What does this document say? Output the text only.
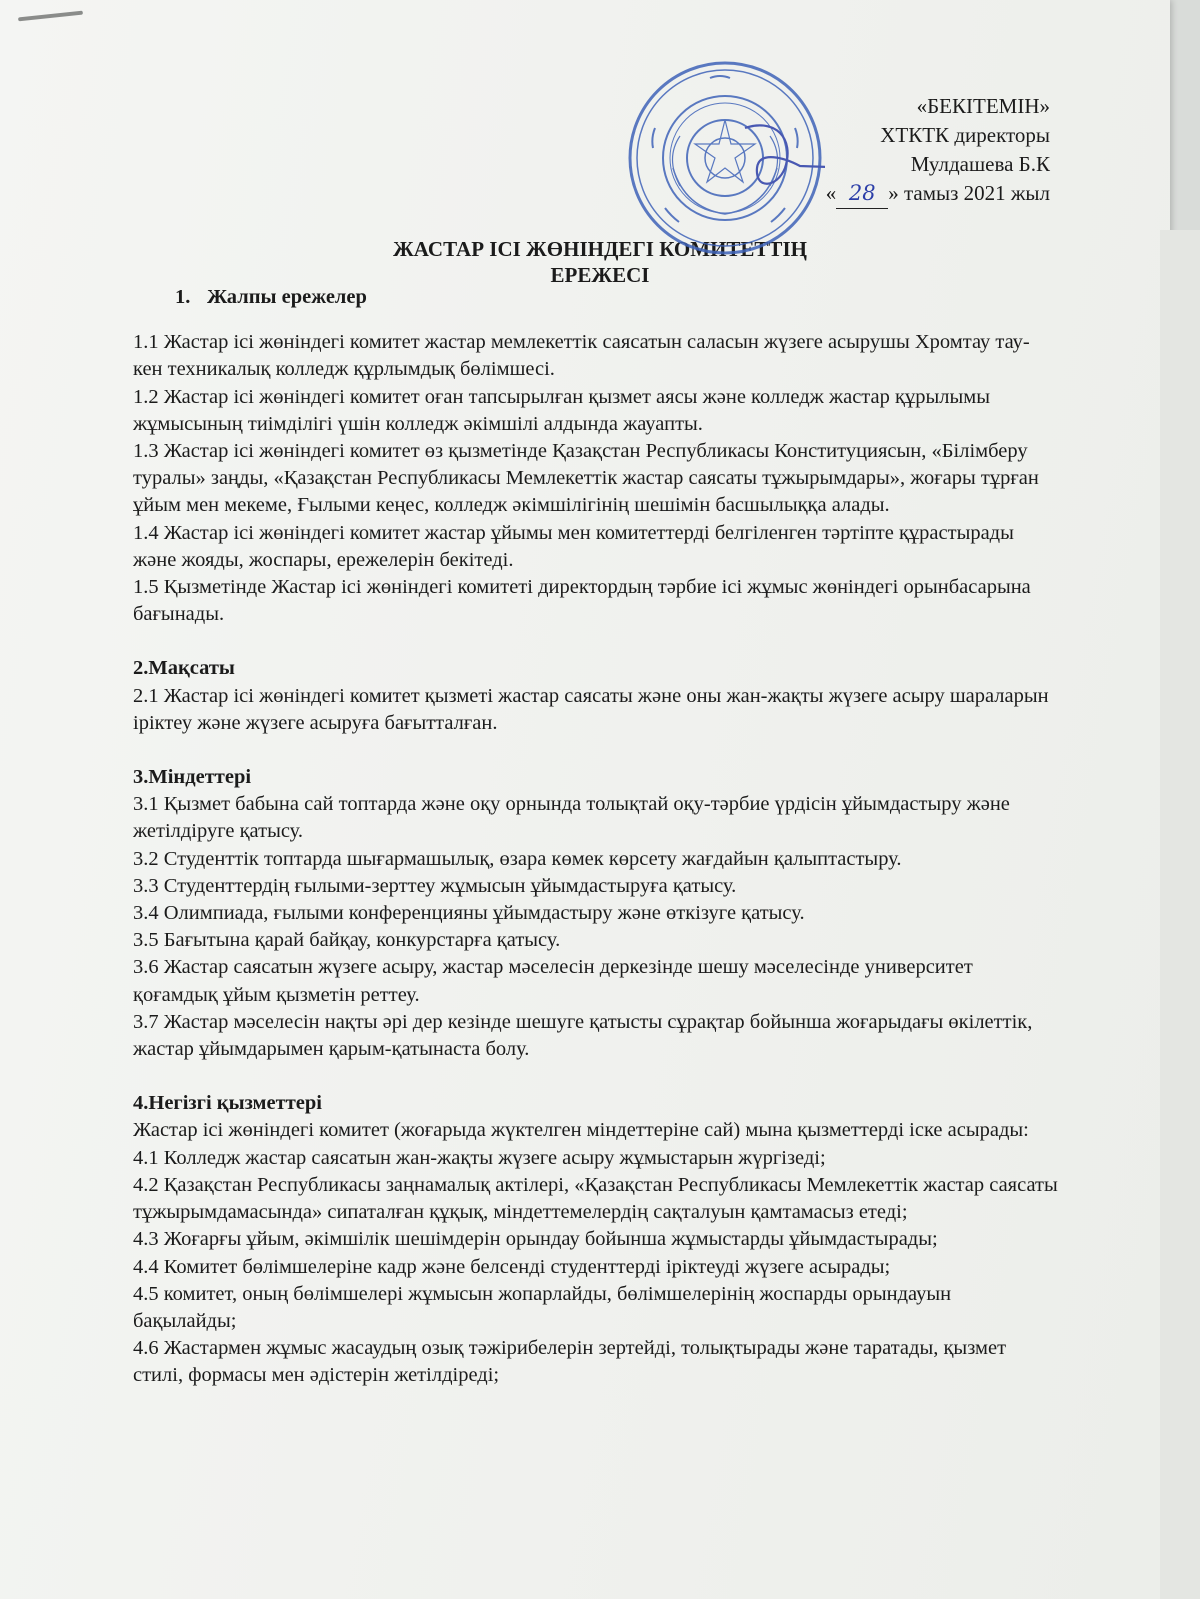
«БЕКІТЕМІН»
ХТКТК директоры
Мулдашева Б.К
« 28 » тамыз 2021 жыл
ЖАСТАР ІСІ ЖӨНІНДЕГІ КОМИТЕТТІҢ
ЕРЕЖЕСІ
1. Жалпы ережелер

1.1 Жастар ісі жөніндегі комитет жастар мемлекеттік саясатын саласын жүзеге асырушы Хромтау тау-кен техникалық колледж құрлымдық бөлімшесі.

1.2 Жастар ісі жөніндегі комитет оған тапсырылған қызмет аясы және колледж жастар құрылымы жұмысының тиімділігі үшін колледж әкімшілі алдында жауапты.

1.3 Жастар ісі жөніндегі комитет өз қызметінде Қазақстан Республикасы Конституциясын, «Білімберу туралы» заңды, «Қазақстан Республикасы Мемлекеттік жастар саясаты тұжырымдары», жоғары тұрған ұйым мен мекеме, Ғылыми кеңес, колледж әкімшілігінің шешімін басшылыққа алады.

1.4 Жастар ісі жөніндегі комитет жастар ұйымы мен комитеттерді белгіленген тәртіпте құрастырады және жояды, жоспары, ережелерін бекітеді.

1.5 Қызметінде Жастар ісі жөніндегі комитеті директордың тәрбие ісі жұмыс жөніндегі орынбасарына бағынады.

2.Мақсаты

2.1 Жастар ісі жөніндегі комитет қызметі жастар саясаты және оны жан-жақты жүзеге асыру шараларын іріктеу және жүзеге асыруға бағытталған.

3.Міндеттері

3.1 Қызмет бабына сай топтарда және оқу орнында толықтай оқу-тәрбие үрдісін ұйымдастыру және жетілдіруге қатысу.

3.2 Студенттік топтарда шығармашылық, өзара көмек көрсету жағдайын қалыптастыру.

3.3 Студенттердің ғылыми-зерттеу жұмысын ұйымдастыруға қатысу.

3.4 Олимпиада, ғылыми конференцияны ұйымдастыру және өткізуге қатысу.

3.5 Бағытына қарай байқау, конкурстарға қатысу.

3.6 Жастар саясатын жүзеге асыру, жастар мәселесін деркезінде шешу мәселесінде университет қоғамдық ұйым қызметін реттеу.

3.7 Жастар мәселесін нақты әрі дер кезінде шешуге қатысты сұрақтар бойынша жоғарыдағы өкілеттік, жастар ұйымдарымен қарым-қатынаста болу.

4.Негізгі қызметтері

Жастар ісі жөніндегі комитет (жоғарыда жүктелген міндеттеріне сай) мына қызметтерді іске асырады:

4.1 Колледж жастар саясатын жан-жақты жүзеге асыру жұмыстарын жүргізеді;

4.2 Қазақстан Республикасы заңнамалық актілері, «Қазақстан Республикасы Мемлекеттік жастар саясаты тұжырымдамасында» сипаталған құқық, міндеттемелердің сақталуын қамтамасыз етеді;

4.3 Жоғарғы ұйым, әкімшілік шешімдерін орындау бойынша жұмыстарды ұйымдастырады;

4.4 Комитет бөлімшелеріне кадр және белсенді студенттерді іріктеуді жүзеге асырады;

4.5 комитет, оның бөлімшелері жұмысын жопарлайды, бөлімшелерінің жоспарды орындауын бақылайды;

4.6 Жастармен жұмыс жасаудың озық тәжірибелерін зертейді, толықтырады және таратады, қызмет стилі, формасы мен әдістерін жетілдіреді;
